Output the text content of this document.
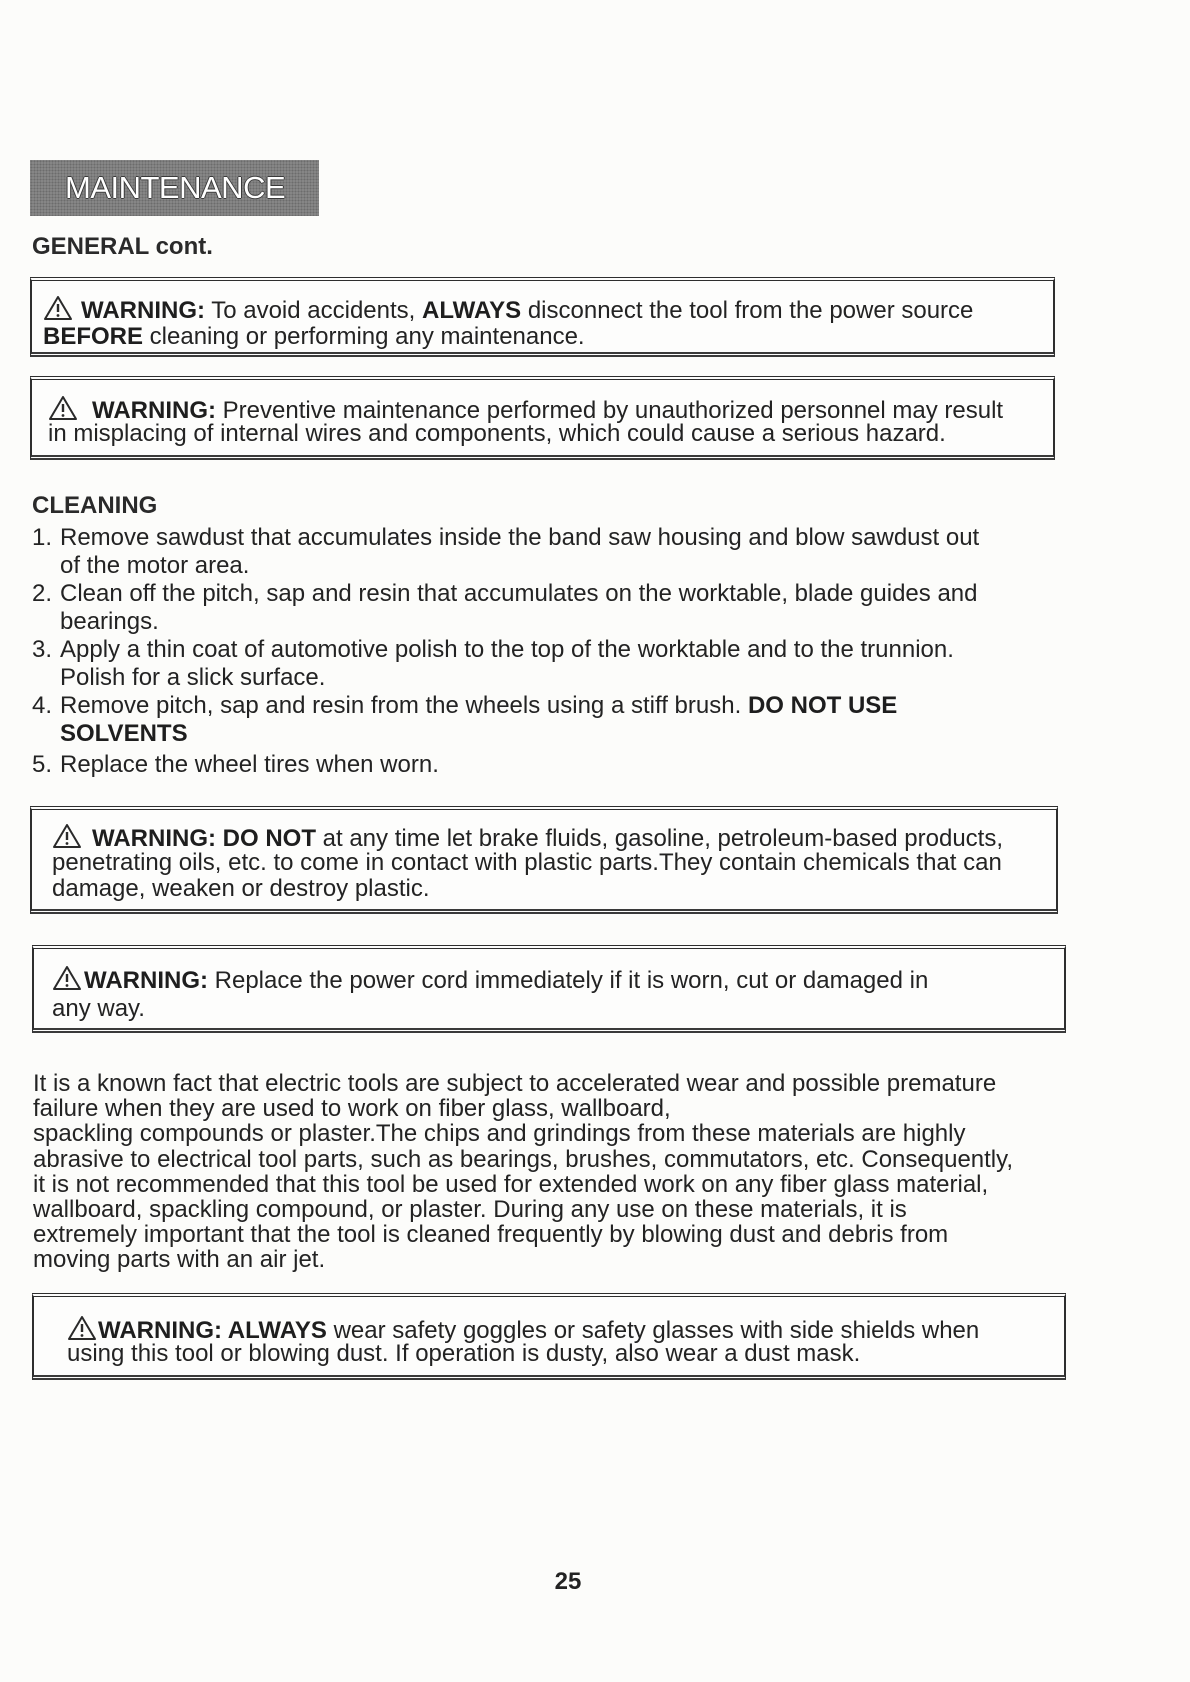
MAINTENANCE
GENERAL cont.
WARNING: To avoid accidents, ALWAYS disconnect the tool from the power source
BEFORE cleaning or performing any maintenance.
WARNING: Preventive maintenance performed by unauthorized personnel may result
in misplacing of internal wires and components, which could cause a serious hazard.
CLEANING
1. Remove sawdust that accumulates inside the band saw housing and blow sawdust out
of the motor area.
2. Clean off the pitch, sap and resin that accumulates on the worktable, blade guides and
bearings.
3. Apply a thin coat of automotive polish to the top of the worktable and to the trunnion.
Polish for a slick surface.
4. Remove pitch, sap and resin from the wheels using a stiff brush. DO NOT USE
SOLVENTS
5. Replace the wheel tires when worn.
WARNING: DO NOT at any time let brake fluids, gasoline, petroleum-based products,
penetrating oils, etc. to come in contact with plastic parts.They contain chemicals that can
damage, weaken or destroy plastic.
WARNING: Replace the power cord immediately if it is worn, cut or damaged in
any way.
It is a known fact that electric tools are subject to accelerated wear and possible premature
failure when they are used to work on fiber glass, wallboard,
spackling compounds or plaster.The chips and grindings from these materials are highly
abrasive to electrical tool parts, such as bearings, brushes, commutators, etc. Consequently,
it is not recommended that this tool be used for extended work on any fiber glass material,
wallboard, spackling compound, or plaster. During any use on these materials, it is
extremely important that the tool is cleaned frequently by blowing dust and debris from
moving parts with an air jet.
WARNING: ALWAYS wear safety goggles or safety glasses with side shields when
using this tool or blowing dust. If operation is dusty, also wear a dust mask.
25
